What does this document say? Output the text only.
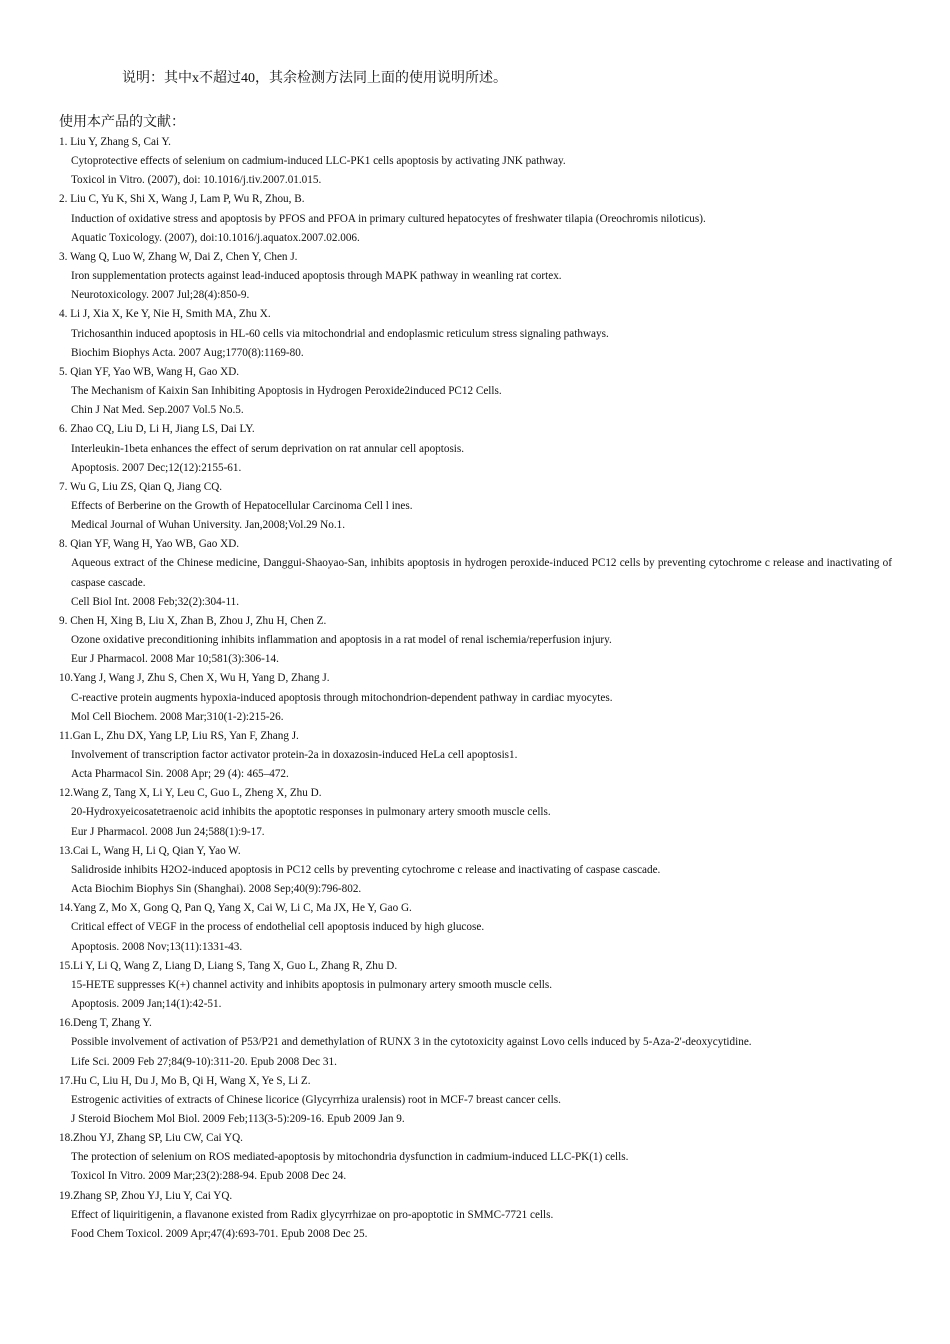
说明：其中x不超过40，其余检测方法同上面的使用说明所述。
使用本产品的文献：
1. Liu Y, Zhang S, Cai Y.
Cytoprotective effects of selenium on cadmium-induced LLC-PK1 cells apoptosis by activating JNK pathway.
Toxicol in Vitro. (2007), doi: 10.1016/j.tiv.2007.01.015.
2. Liu C, Yu K, Shi X, Wang J, Lam P, Wu R, Zhou, B.
Induction of oxidative stress and apoptosis by PFOS and PFOA in primary cultured hepatocytes of freshwater tilapia (Oreochromis niloticus).
Aquatic Toxicology. (2007), doi:10.1016/j.aquatox.2007.02.006.
3. Wang Q, Luo W, Zhang W, Dai Z, Chen Y, Chen J.
Iron supplementation protects against lead-induced apoptosis through MAPK pathway in weanling rat cortex.
Neurotoxicology. 2007 Jul;28(4):850-9.
4. Li J, Xia X, Ke Y, Nie H, Smith MA, Zhu X.
Trichosanthin induced apoptosis in HL-60 cells via mitochondrial and endoplasmic reticulum stress signaling pathways.
Biochim Biophys Acta. 2007 Aug;1770(8):1169-80.
5. Qian YF, Yao WB, Wang H, Gao XD.
The Mechanism of Kaixin San Inhibiting Apoptosis in Hydrogen Peroxide2induced PC12 Cells.
Chin J Nat Med. Sep.2007 Vol.5 No.5.
6. Zhao CQ, Liu D, Li H, Jiang LS, Dai LY.
Interleukin-1beta enhances the effect of serum deprivation on rat annular cell apoptosis.
Apoptosis. 2007 Dec;12(12):2155-61.
7. Wu G, Liu ZS, Qian Q, Jiang CQ.
Effects of Berberine on the Growth of Hepatocellular Carcinoma Cell l ines.
Medical Journal of Wuhan University. Jan,2008;Vol.29 No.1.
8. Qian YF, Wang H, Yao WB, Gao XD.
Aqueous extract of the Chinese medicine, Danggui-Shaoyao-San, inhibits apoptosis in hydrogen peroxide-induced PC12 cells by preventing cytochrome c release and inactivating of caspase cascade.
Cell Biol Int. 2008 Feb;32(2):304-11.
9. Chen H, Xing B, Liu X, Zhan B, Zhou J, Zhu H, Chen Z.
Ozone oxidative preconditioning inhibits inflammation and apoptosis in a rat model of renal ischemia/reperfusion injury.
Eur J Pharmacol. 2008 Mar 10;581(3):306-14.
10.Yang J, Wang J, Zhu S, Chen X, Wu H, Yang D, Zhang J.
C-reactive protein augments hypoxia-induced apoptosis through mitochondrion-dependent pathway in cardiac myocytes.
Mol Cell Biochem. 2008 Mar;310(1-2):215-26.
11.Gan L, Zhu DX, Yang LP, Liu RS, Yan F, Zhang J.
Involvement of transcription factor activator protein-2a in doxazosin-induced HeLa cell apoptosis1.
Acta Pharmacol Sin. 2008 Apr; 29 (4): 465–472.
12.Wang Z, Tang X, Li Y, Leu C, Guo L, Zheng X, Zhu D.
20-Hydroxyeicosatetraenoic acid inhibits the apoptotic responses in pulmonary artery smooth muscle cells.
Eur J Pharmacol. 2008 Jun 24;588(1):9-17.
13.Cai L, Wang H, Li Q, Qian Y, Yao W.
Salidroside inhibits H2O2-induced apoptosis in PC12 cells by preventing cytochrome c release and inactivating of caspase cascade.
Acta Biochim Biophys Sin (Shanghai). 2008 Sep;40(9):796-802.
14.Yang Z, Mo X, Gong Q, Pan Q, Yang X, Cai W, Li C, Ma JX, He Y, Gao G.
Critical effect of VEGF in the process of endothelial cell apoptosis induced by high glucose.
Apoptosis. 2008 Nov;13(11):1331-43.
15.Li Y, Li Q, Wang Z, Liang D, Liang S, Tang X, Guo L, Zhang R, Zhu D.
15-HETE suppresses K(+) channel activity and inhibits apoptosis in pulmonary artery smooth muscle cells.
Apoptosis. 2009 Jan;14(1):42-51.
16.Deng T, Zhang Y.
Possible involvement of activation of P53/P21 and demethylation of RUNX 3 in the cytotoxicity against Lovo cells induced by 5-Aza-2'-deoxycytidine.
Life Sci. 2009 Feb 27;84(9-10):311-20. Epub 2008 Dec 31.
17.Hu C, Liu H, Du J, Mo B, Qi H, Wang X, Ye S, Li Z.
Estrogenic activities of extracts of Chinese licorice (Glycyrrhiza uralensis) root in MCF-7 breast cancer cells.
J Steroid Biochem Mol Biol. 2009 Feb;113(3-5):209-16. Epub 2009 Jan 9.
18.Zhou YJ, Zhang SP, Liu CW, Cai YQ.
The protection of selenium on ROS mediated-apoptosis by mitochondria dysfunction in cadmium-induced LLC-PK(1) cells.
Toxicol In Vitro. 2009 Mar;23(2):288-94. Epub 2008 Dec 24.
19.Zhang SP, Zhou YJ, Liu Y, Cai YQ.
Effect of liquiritigenin, a flavanone existed from Radix glycyrrhizae on pro-apoptotic in SMMC-7721 cells.
Food Chem Toxicol. 2009 Apr;47(4):693-701. Epub 2008 Dec 25.
